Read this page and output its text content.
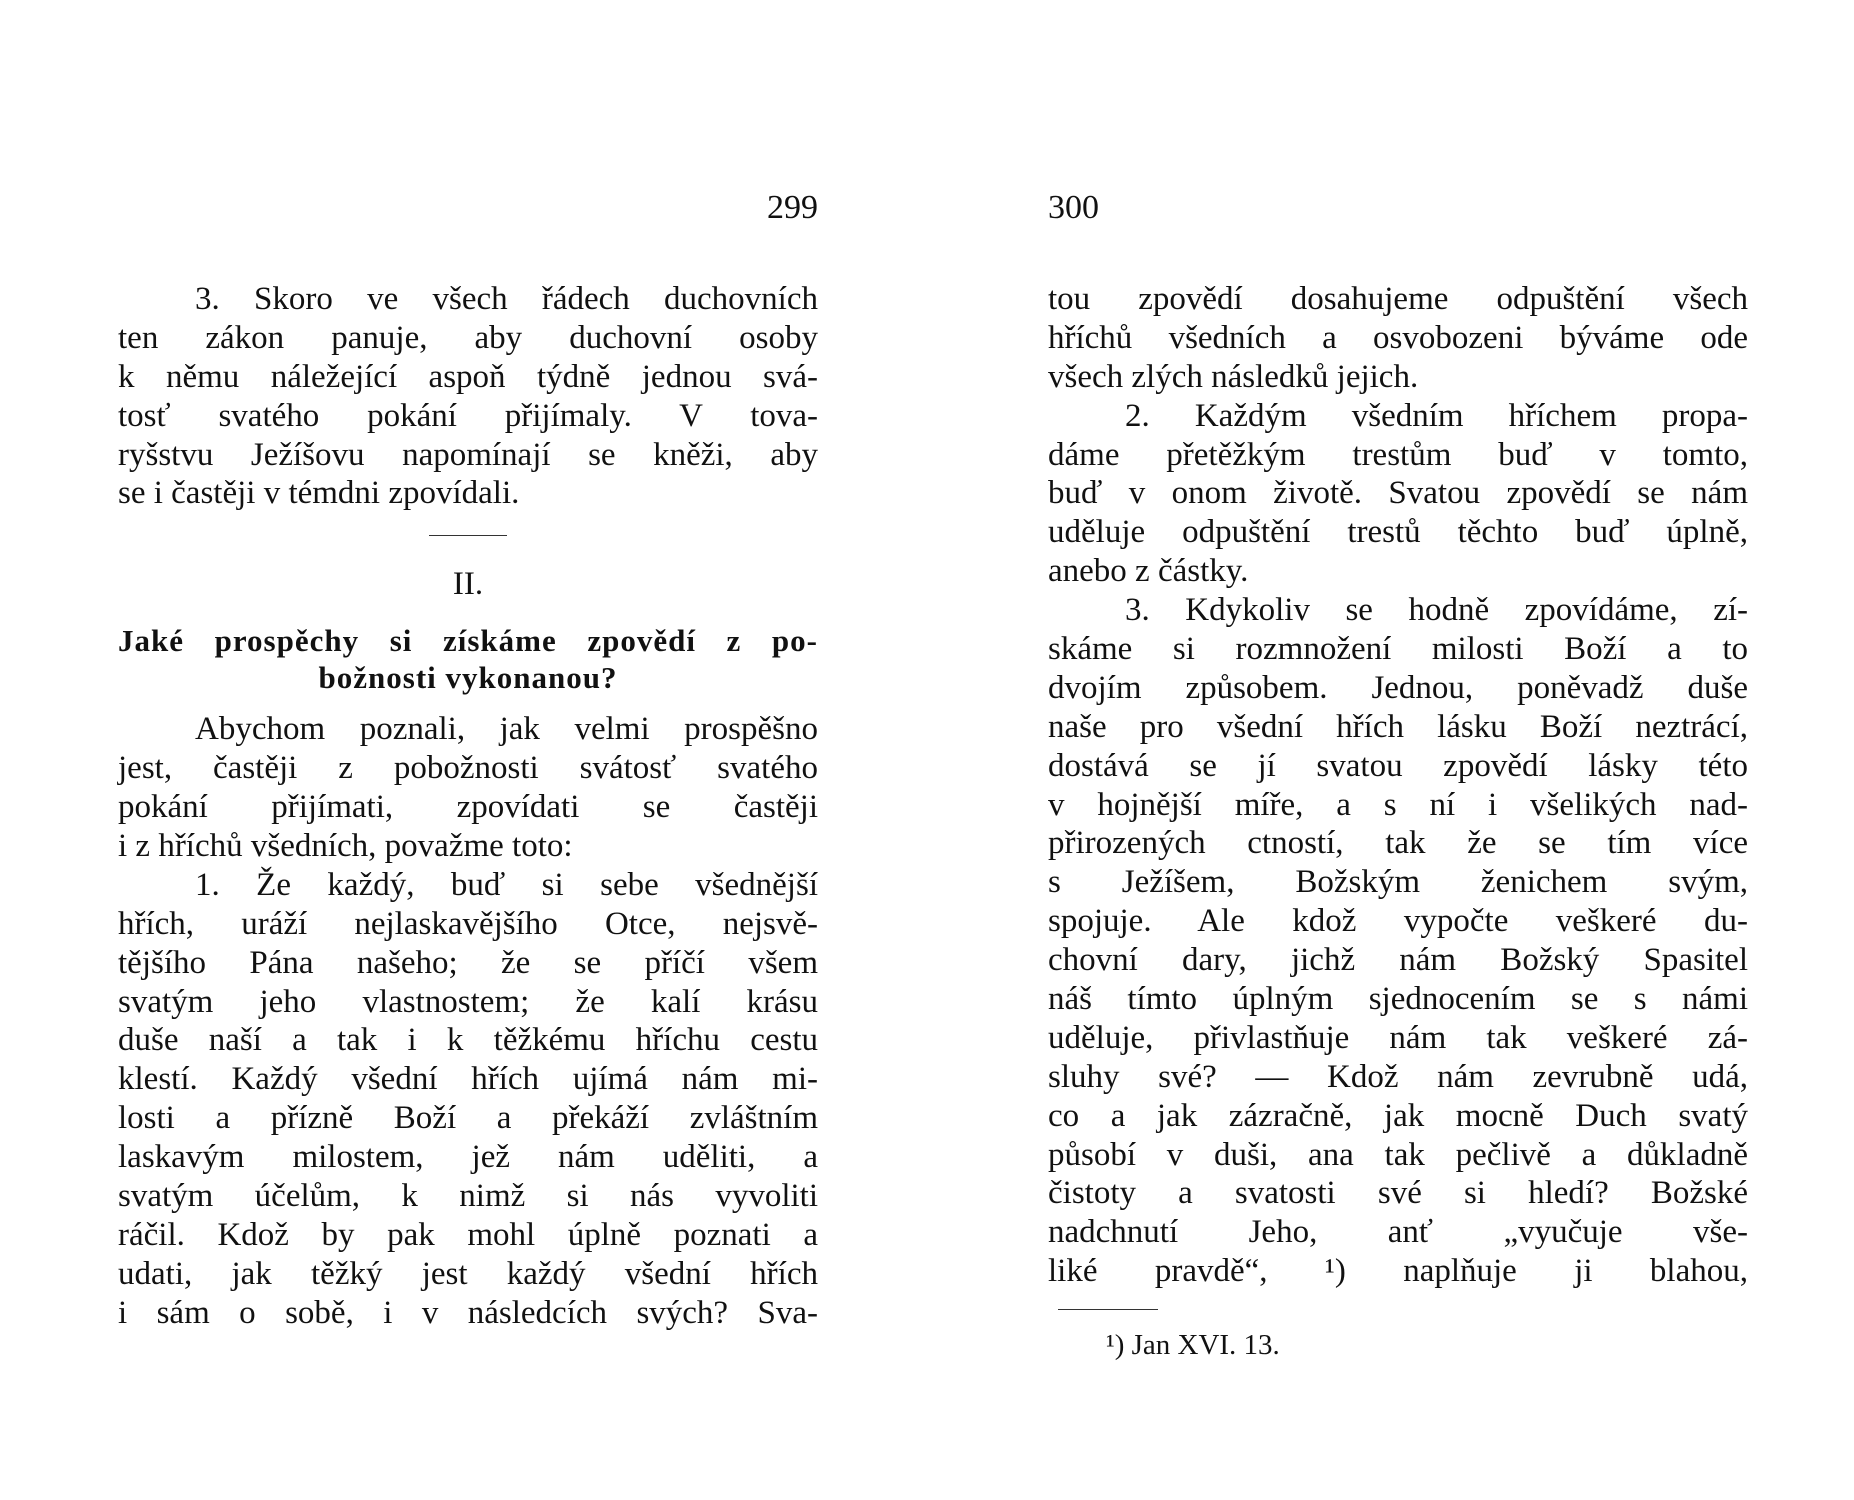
299
3. Skoro ve všech řádech duchovních
ten zákon panuje, aby duchovní osoby
k němu náležející aspoň týdně jednou svá-
tosť svatého pokání přijímaly. V tova-
ryšstvu Ježíšovu napomínají se kněži, aby
se i častěji v témdni zpovídali.
II.
Jaké prospěchy si získáme zpovědí z po-
božnosti vykonanou?
Abychom poznali, jak velmi prospěšno
jest, častěji z pobožnosti svátosť svatého
pokání přijímati, zpovídati se častěji
i z hříchů všedních, považme toto:
1. Že každý, buď si sebe všednější
hřích, uráží nejlaskavějšího Otce, nejsvě-
tějšího Pána našeho; že se příčí všem
svatým jeho vlastnostem; že kalí krásu
duše naší a tak i k těžkému hříchu cestu
klestí. Každý všední hřích ujímá nám mi-
losti a přízně Boží a překáží zvláštním
laskavým milostem, jež nám uděliti, a
svatým účelům, k nimž si nás vyvoliti
ráčil. Kdož by pak mohl úplně poznati a
udati, jak těžký jest každý všední hřích
i sám o sobě, i v následcích svých? Sva-
300
tou zpovědí dosahujeme odpuštění všech
hříchů všedních a osvobozeni býváme ode
všech zlých následků jejich.
2. Každým všedním hříchem propa-
dáme přetěžkým trestům buď v tomto,
buď v onom životě. Svatou zpovědí se nám
uděluje odpuštění trestů těchto buď úplně,
anebo z částky.
3. Kdykoliv se hodně zpovídáme, zí-
skáme si rozmnožení milosti Boží a to
dvojím způsobem. Jednou, poněvadž duše
naše pro všední hřích lásku Boží neztrácí,
dostává se jí svatou zpovědí lásky této
v hojnější míře, a s ní i všelikých nad-
přirozených ctností, tak že se tím více
s Ježíšem, Božským ženichem svým,
spojuje. Ale kdož vypočte veškeré du-
chovní dary, jichž nám Božský Spasitel
náš tímto úplným sjednocením se s námi
uděluje, přivlastňuje nám tak veškeré zá-
sluhy své? — Kdož nám zevrubně udá,
co a jak zázračně, jak mocně Duch svatý
působí v duši, ana tak pečlivě a důkladně
čistoty a svatosti své si hledí? Božské
nadchnutí Jeho, anť „vyučuje vše-
liké pravdě“, ¹) naplňuje ji blahou,
¹) Jan XVI. 13.
